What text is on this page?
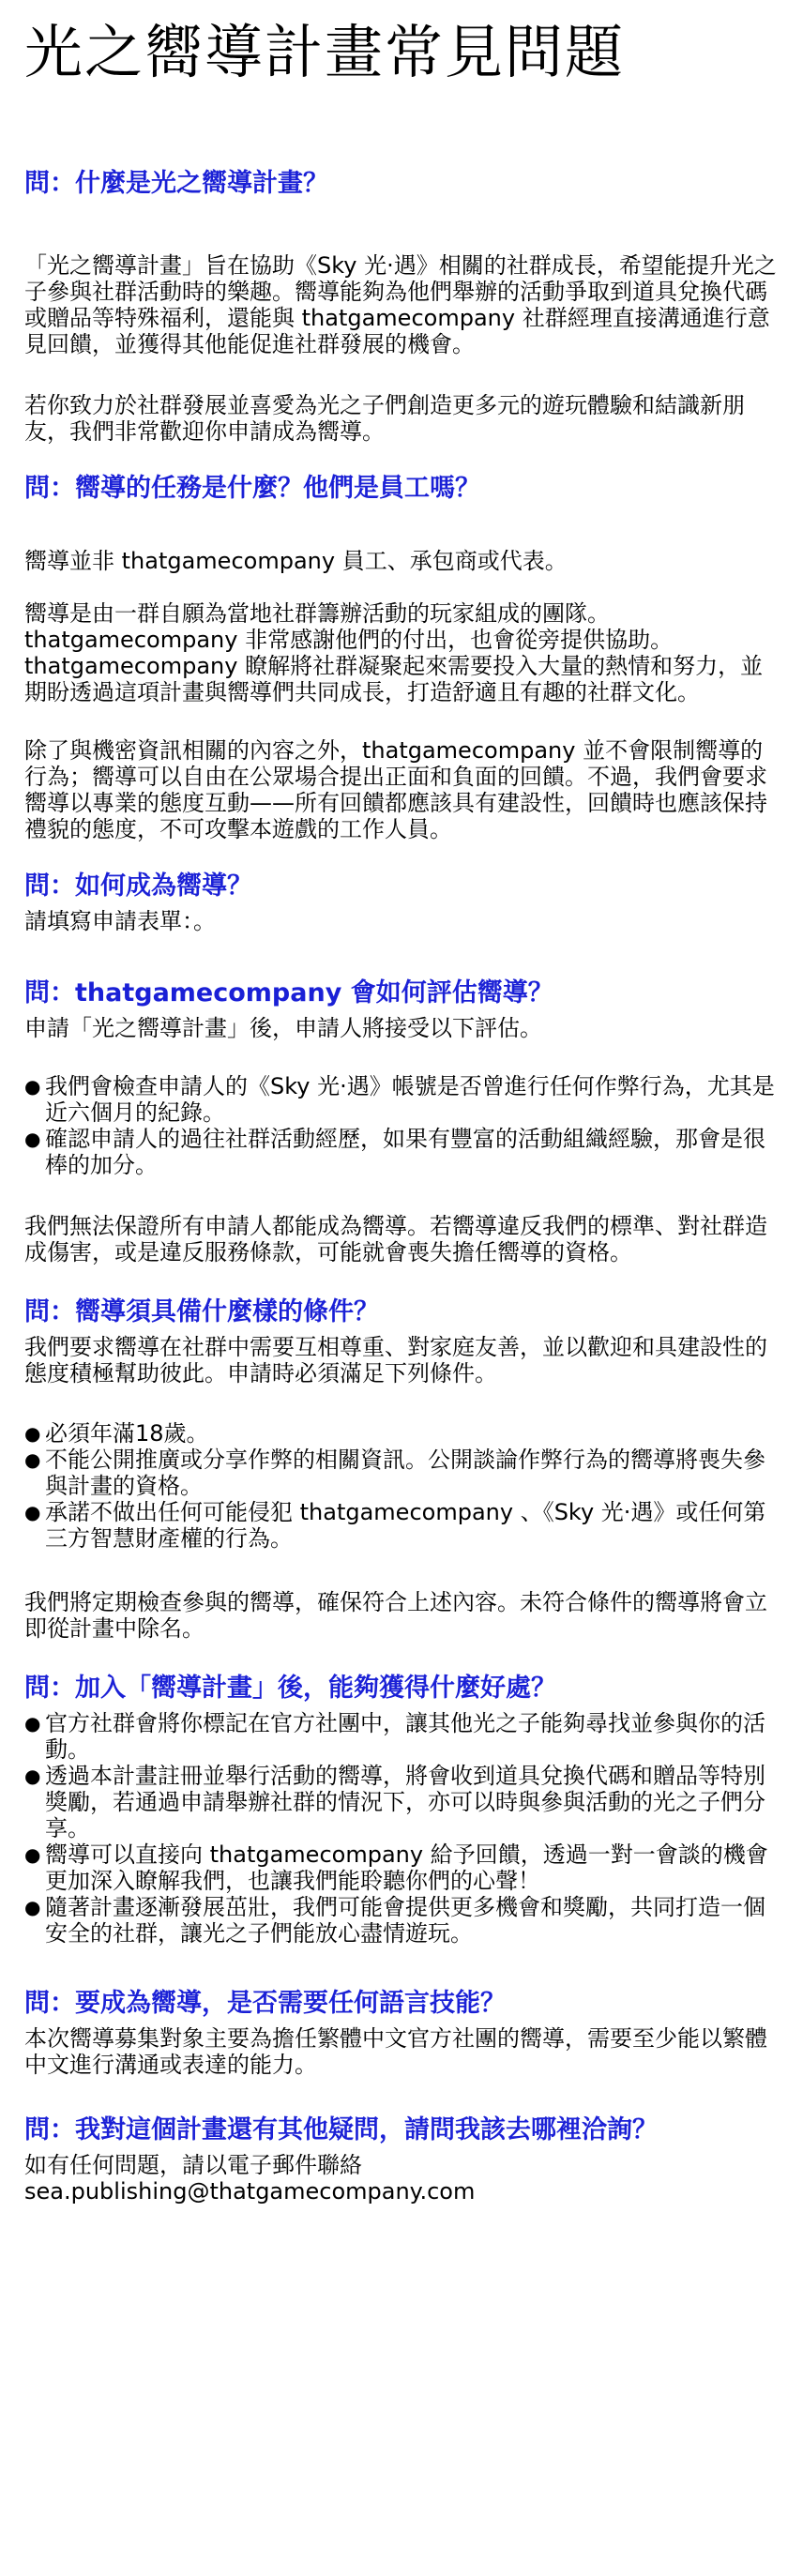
光之嚮導計畫常見問題
問：什麼是光之嚮導計畫？

「光之嚮導計畫」旨在協助《Sky 光·遇》相關的社群成長，希望能提升光之子參與社群活動時的樂趣。嚮導能夠為他們舉辦的活動爭取到道具兌換代碼或贈品等特殊福利，還能與 thatgamecompany 社群經理直接溝通進行意見回饋，並獲得其他能促進社群發展的機會。

若你致力於社群發展並喜愛為光之子們創造更多元的遊玩體驗和結識新朋友，我們非常歡迎你申請成為嚮導。

問：嚮導的任務是什麼？他們是員工嗎？

嚮導並非 thatgamecompany 員工、承包商或代表。

嚮導是由一群自願為當地社群籌辦活動的玩家組成的團隊。thatgamecompany 非常感謝他們的付出，也會從旁提供協助。thatgamecompany 瞭解將社群凝聚起來需要投入大量的熱情和努力，並期盼透過這項計畫與嚮導們共同成長，打造舒適且有趣的社群文化。

除了與機密資訊相關的內容之外，thatgamecompany 並不會限制嚮導的行為；嚮導可以自由在公眾場合提出正面和負面的回饋。不過，我們會要求嚮導以專業的態度互動——所有回饋都應該具有建設性，回饋時也應該保持禮貌的態度，不可攻擊本遊戲的工作人員。

問：如何成為嚮導？

請填寫申請表單：。

問：thatgamecompany 會如何評估嚮導？

申請「光之嚮導計畫」後，申請人將接受以下評估。

● 我們會檢查申請人的《Sky 光·遇》帳號是否曾進行任何作弊行為，尤其是近六個月的紀錄。
● 確認申請人的過往社群活動經歷，如果有豐富的活動組織經驗，那會是很棒的加分。

我們無法保證所有申請人都能成為嚮導。若嚮導違反我們的標準、對社群造成傷害，或是違反服務條款，可能就會喪失擔任嚮導的資格。

問：嚮導須具備什麼樣的條件？

我們要求嚮導在社群中需要互相尊重、對家庭友善，並以歡迎和具建設性的態度積極幫助彼此。申請時必須滿足下列條件。

● 必須年滿18歲。
● 不能公開推廣或分享作弊的相關資訊。公開談論作弊行為的嚮導將喪失參與計畫的資格。
● 承諾不做出任何可能侵犯 thatgamecompany 、《Sky 光·遇》或任何第三方智慧財產權的行為。

我們將定期檢查參與的嚮導，確保符合上述內容。未符合條件的嚮導將會立即從計畫中除名。

問：加入「嚮導計畫」後，能夠獲得什麼好處？
● 官方社群會將你標記在官方社團中，讓其他光之子能夠尋找並參與你的活動。
● 透過本計畫註冊並舉行活動的嚮導，將會收到道具兌換代碼和贈品等特別獎勵，若通過申請舉辦社群的情況下，亦可以時與參與活動的光之子們分享。
● 嚮導可以直接向 thatgamecompany 給予回饋，透過一對一會談的機會更加深入瞭解我們，也讓我們能聆聽你們的心聲！
● 隨著計畫逐漸發展茁壯，我們可能會提供更多機會和獎勵，共同打造一個安全的社群，讓光之子們能放心盡情遊玩。
問：要成為嚮導，是否需要任何語言技能？

本次嚮導募集對象主要為擔任繁體中文官方社團的嚮導，需要至少能以繁體中文進行溝通或表達的能力。

問：我對這個計畫還有其他疑問，請問我該去哪裡洽詢？

如有任何問題，請以電子郵件聯絡 sea.publishing@thatgamecompany.com
